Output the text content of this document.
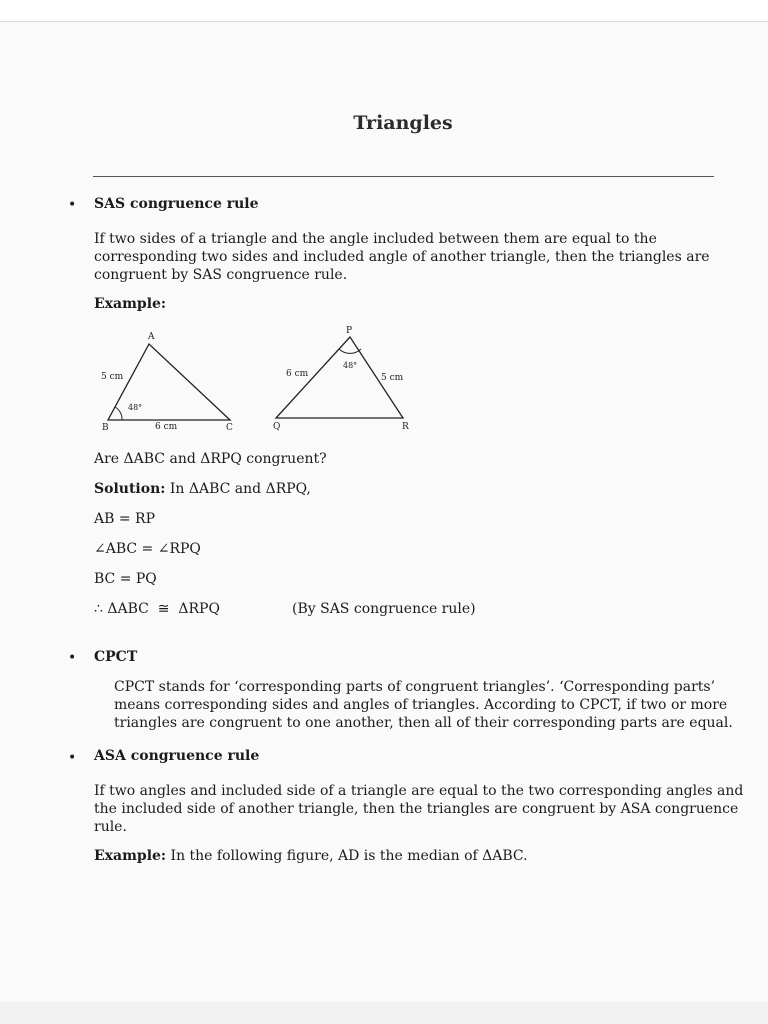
Triangles
• SAS congruence rule
If two sides of a triangle and the angle included between them are equal to the
corresponding two sides and included angle of another triangle, then the triangles are
congruent by SAS congruence rule.
Example:
A
B	C
5 cm
6 cm
48°
P
Q	R
6 cm	5 cm
48°
Are ΔABC and ΔRPQ congruent?
Solution: In ΔABC and ΔRPQ,
AB = RP
∠ABC = ∠RPQ
BC = PQ
∴ ΔABC  ≅  ΔRPQ	(By SAS congruence rule)
• CPCT
CPCT stands for ‘corresponding parts of congruent triangles’. ‘Corresponding parts’
means corresponding sides and angles of triangles. According to CPCT, if two or more
triangles are congruent to one another, then all of their corresponding parts are equal.
• ASA congruence rule
If two angles and included side of a triangle are equal to the two corresponding angles and
the included side of another triangle, then the triangles are congruent by ASA congruence
rule.
Example: In the following figure, AD is the median of ΔABC.
